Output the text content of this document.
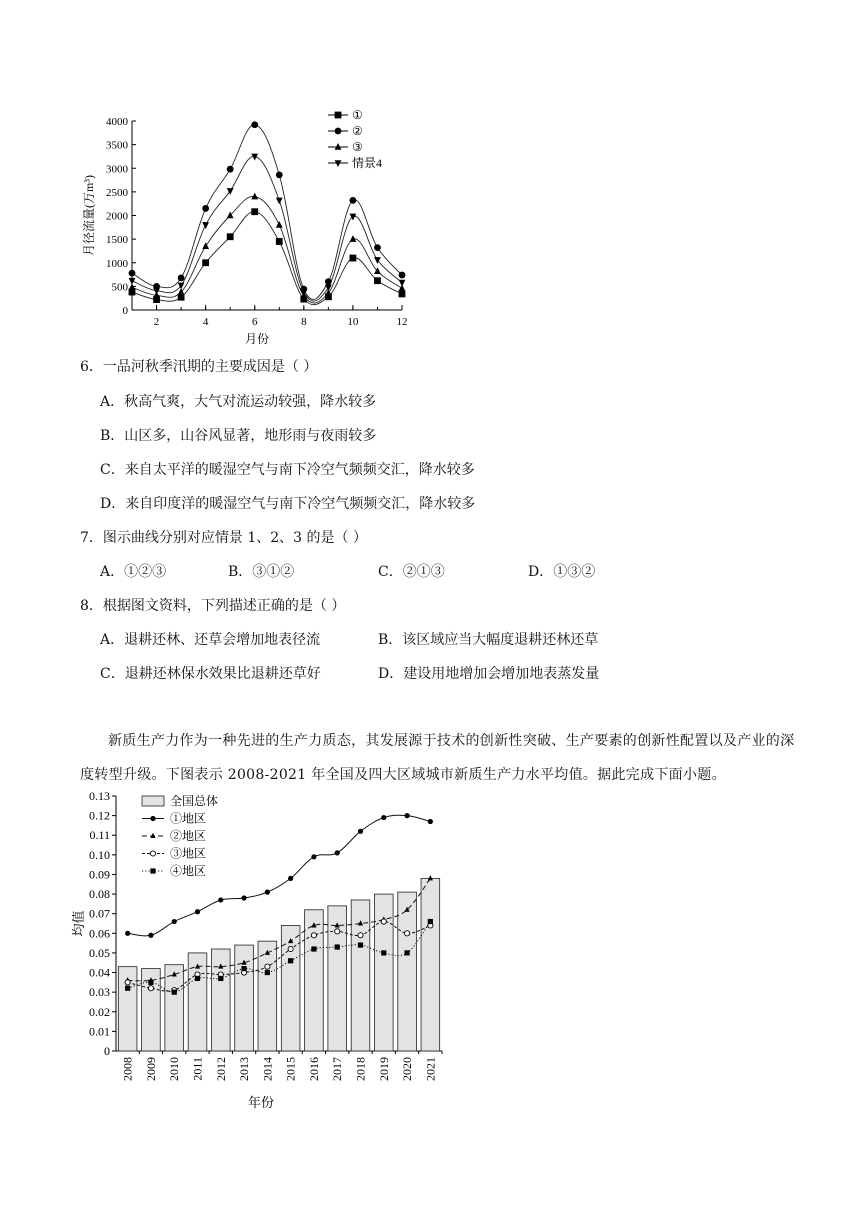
0
500
1000
1500
2000
2500
3000
3500
4000
2	4	6	8	10	12
月份
月径流量(万m³)
①
②
③
情景4
6．一品河秋季汛期的主要成因是（ ）
A．秋高气爽，大气对流运动较强，降水较多
B．山区多，山谷风显著，地形雨与夜雨较多
C．来自太平洋的暖湿空气与南下冷空气频频交汇，降水较多
D．来自印度洋的暖湿空气与南下冷空气频频交汇，降水较多
7．图示曲线分别对应情景 1、2、3 的是（ ）
A．①②③	B．③①②	C．②①③	D．①③②
8．根据图文资料，下列描述正确的是（ ）
A．退耕还林、还草会增加地表径流	B．该区域应当大幅度退耕还林还草
C．退耕还林保水效果比退耕还草好	D．建设用地增加会增加地表蒸发量
新质生产力作为一种先进的生产力质态，其发展源于技术的创新性突破、生产要素的创新性配置以及产业的深度转型升级。下图表示 2008-2021 年全国及四大区域城市新质生产力水平均值。据此完成下面小题。
0
0.01
0.02
0.03
0.04
0.05
0.06
0.07
0.08
0.09
0.10
0.11
0.12
0.13
均值
2008 2009 2010 2011 2012 2013 2014 2015 2016 2017 2018 2019 2020 2021
年份
全国总体
①地区
②地区
③地区
④地区
